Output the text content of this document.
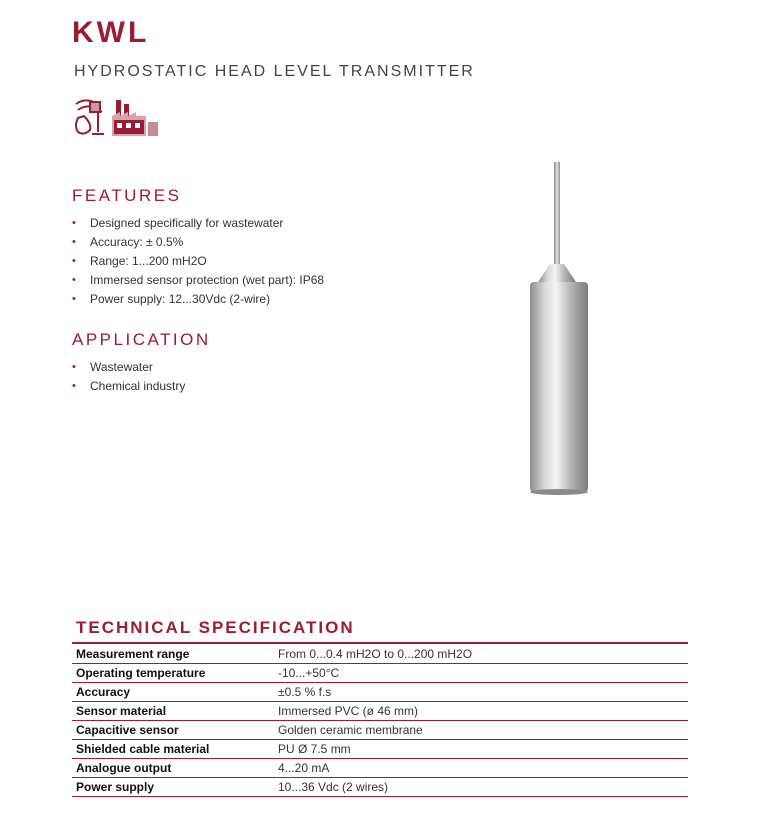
KWL
HYDROSTATIC HEAD LEVEL TRANSMITTER
FEATURES
• Designed specifically for wastewater
• Accuracy: ± 0.5%
• Range: 1...200 mH2O
• Immersed sensor protection (wet part): IP68
• Power supply: 12...30Vdc (2-wire)
APPLICATION
• Wastewater
• Chemical industry
TECHNICAL SPECIFICATION
Measurement range	From 0...0.4 mH2O to 0...200 mH2O
Operating temperature	-10...+50°C
Accuracy	±0.5 % f.s
Sensor material	Immersed PVC (ø 46 mm)
Capacitive sensor	Golden ceramic membrane
Shielded cable material	PU Ø 7.5 mm
Analogue output	4...20 mA
Power supply	10...36 Vdc (2 wires)
